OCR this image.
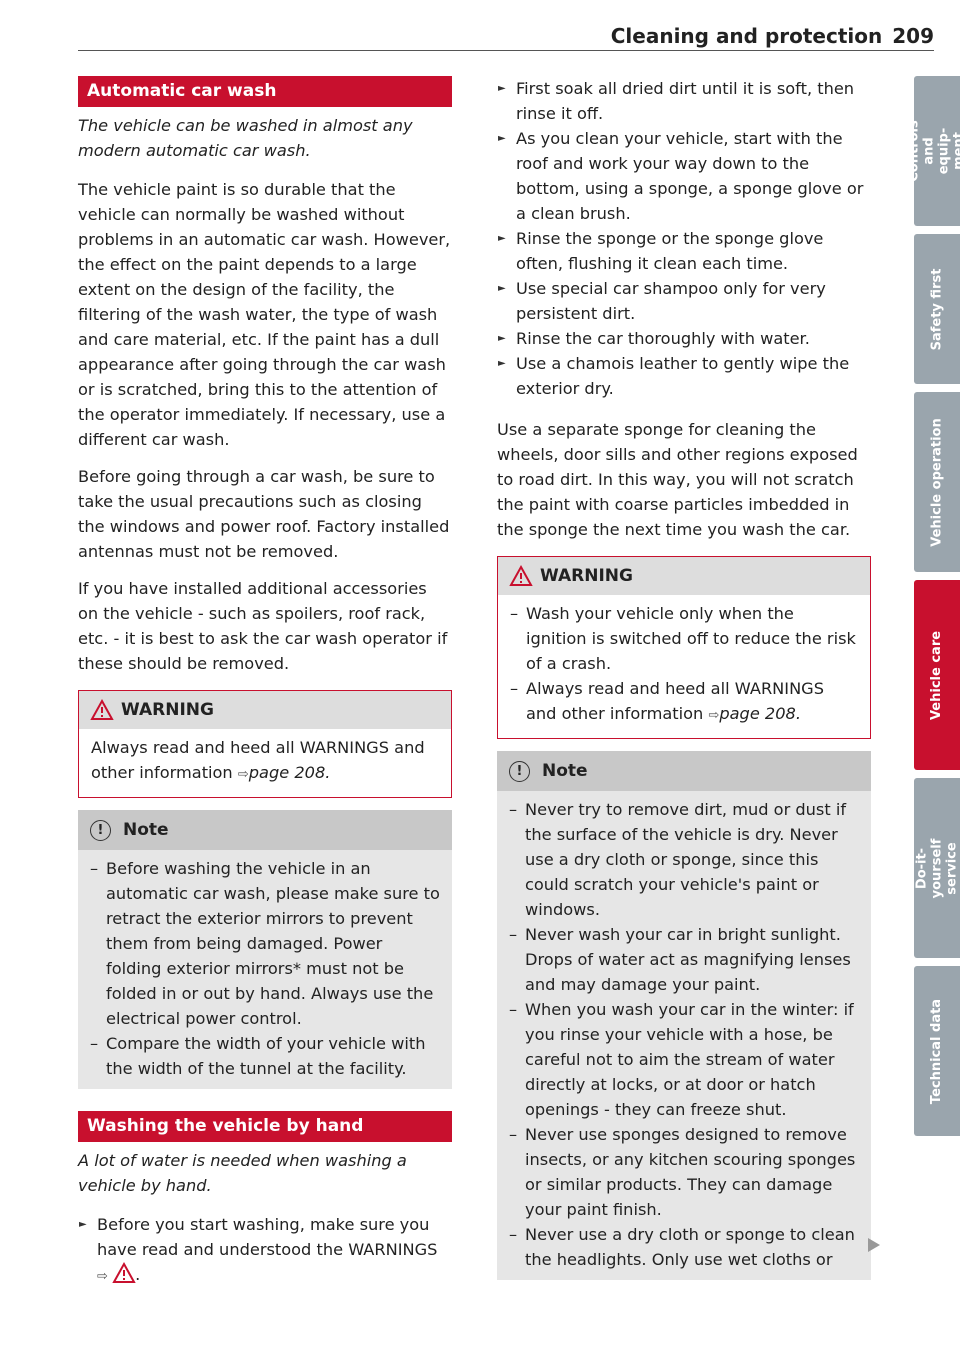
Cleaning and protection 209
Automatic car wash

The vehicle can be washed in almost any modern automatic car wash.

The vehicle paint is so durable that the vehicle can normally be washed without problems in an automatic car wash. However, the effect on the paint depends to a large extent on the design of the facility, the filtering of the wash water, the type of wash and care material, etc. If the paint has a dull appearance after going through the car wash or is scratched, bring this to the attention of the operator immediately. If necessary, use a different car wash.

Before going through a car wash, be sure to take the usual precautions such as closing the windows and power roof. Factory installed antennas must not be removed.

If you have installed additional accessories on the vehicle - such as spoilers, roof rack, etc. - it is best to ask the car wash operator if these should be removed.

WARNING
Always read and heed all WARNINGS and other information ⇨page 208.
!	Note
– Before washing the vehicle in an automatic car wash, please make sure to retract the exterior mirrors to prevent them from being damaged. Power folding exterior mirrors* must not be folded in or out by hand. Always use the electrical power control.
– Compare the width of your vehicle with the width of the tunnel at the facility.
Washing the vehicle by hand

A lot of water is needed when washing a vehicle by hand.

► Before you start washing, make sure you have read and understood the WARNINGS ⇨ .
► First soak all dried dirt until it is soft, then rinse it off.
► As you clean your vehicle, start with the roof and work your way down to the bottom, using a sponge, a sponge glove or a clean brush.
► Rinse the sponge or the sponge glove often, flushing it clean each time.
► Use special car shampoo only for very persistent dirt.
► Rinse the car thoroughly with water.
► Use a chamois leather to gently wipe the exterior dry.

Use a separate sponge for cleaning the wheels, door sills and other regions exposed to road dirt. In this way, you will not scratch the paint with coarse particles imbedded in the sponge the next time you wash the car.

WARNING
– Wash your vehicle only when the ignition is switched off to reduce the risk of a crash.
– Always read and heed all WARNINGS and other information ⇨page 208.
!	Note
– Never try to remove dirt, mud or dust if the surface of the vehicle is dry. Never use a dry cloth or sponge, since this could scratch your vehicle's paint or windows.
– Never wash your car in bright sunlight. Drops of water act as magnifying lenses and may damage your paint.
– When you wash your car in the winter: if you rinse your vehicle with a hose, be careful not to aim the stream of water directly at locks, or at door or hatch openings - they can freeze shut.
– Never use sponges designed to remove insects, or any kitchen scouring sponges or similar products. They can damage your paint finish.
– Never use a dry cloth or sponge to clean the headlights. Only use wet cloths or
Controls and equip- ment
Safety first
Vehicle operation
Vehicle care
Do-it-yourself service
Technical data
